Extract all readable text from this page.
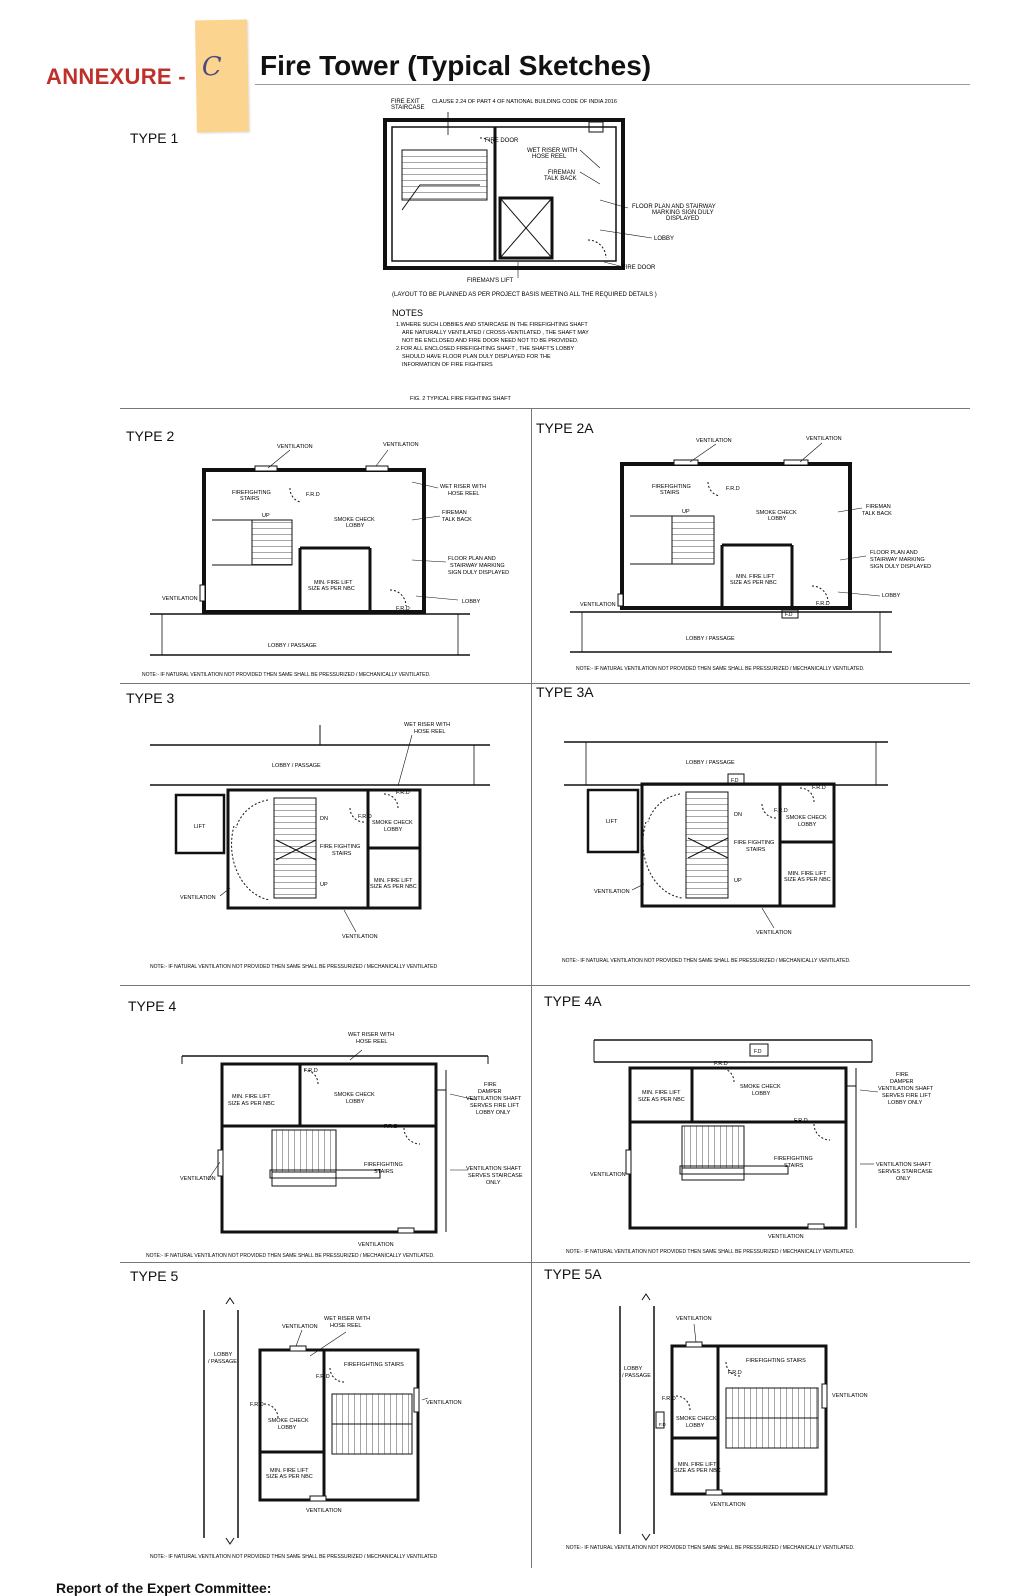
ANNEXURE - C Fire Tower (Typical Sketches)
TYPE 1
TYPE 2	TYPE 2A
TYPE 3	TYPE 3A
TYPE 4	TYPE 4A
TYPE 5	TYPE 5A
FIRE EXIT STAIRCASE
CLAUSE 2.24 OF PART 4 OF NATIONAL BUILDING CODE OF INDIA 2016
FIRE DOOR
WET RISER WITH HOSE REEL
FIREMAN TALK BACK
FLOOR PLAN AND STAIRWAY MARKING SIGN DULY DISPLAYED
LOBBY
FIRE DOOR
FIREMAN'S LIFT
(LAYOUT TO BE PLANNED AS PER PROJECT BASIS MEETING ALL THE REQUIRED DETAILS )
NOTES
1.WHERE SUCH LOBBIES AND STAIRCASE IN THE FIREFIGHTING SHAFT
ARE NATURALLY VENTILATED / CROSS-VENTILATED , THE SHAFT MAY
NOT BE ENCLOSED AND FIRE DOOR NEED NOT TO BE PROVIDED.
2.FOR ALL ENCLOSED FIREFIGHTING SHAFT , THE SHAFT'S LOBBY
SHOULD HAVE FLOOR PLAN DULY DISPLAYED FOR THE
INFORMATION OF FIRE FIGHTERS
FIG. 2 TYPICAL FIRE FIGHTING SHAFT
VENTILATION	VENTILATION
FIREFIGHTING STAIRS
F.R.D
UP
SMOKE CHECK LOBBY
WET RISER WITH HOSE REEL
FIREMAN TALK BACK
FLOOR PLAN AND STAIRWAY MARKING SIGN DULY DISPLAYED
MIN. FIRE LIFT SIZE AS PER NBC
VENTILATION
F.R.D
LOBBY
LOBBY / PASSAGE
NOTE:- IF NATURAL VENTILATION NOT PROVIDED THEN SAME SHALL BE PRESSURIZED / MECHANICALLY VENTILATED.
VENTILATION	VENTILATION
FIREFIGHTING STAIRS
F.R.D
UP	SMOKE CHECK LOBBY
FIREMAN TALK BACK
FLOOR PLAN AND STAIRWAY MARKING SIGN DULY DISPLAYED
MIN. FIRE LIFT SIZE AS PER NBC
VENTILATION
F.D
F.R.D
LOBBY
LOBBY / PASSAGE
NOTE:- IF NATURAL VENTILATION NOT PROVIDED THEN SAME SHALL BE PRESSURIZED / MECHANICALLY VENTILATED.
WET RISER WITH HOSE REEL
LOBBY / PASSAGE
F.R.D
F.R.D
LIFT
DN
SMOKE CHECK LOBBY
FIRE FIGHTING STAIRS
MIN. FIRE LIFT SIZE AS PER NBC
UP
VENTILATION
VENTILATION
NOTE:- IF NATURAL VENTILATION NOT PROVIDED THEN SAME SHALL BE PRESSURIZED / MECHANICALLY VENTILATED
LOBBY / PASSAGE
F.D
F.R.D
F.R.D
LIFT
DN	SMOKE CHECK LOBBY
FIRE FIGHTING STAIRS
MIN. FIRE LIFT SIZE AS PER NBC
UP
VENTILATION
VENTILATION
NOTE:- IF NATURAL VENTILATION NOT PROVIDED THEN SAME SHALL BE PRESSURIZED / MECHANICALLY VENTILATED.
WET RISER WITH HOSE REEL
F.R.D
MIN. FIRE LIFT SIZE AS PER NBC
SMOKE CHECK LOBBY
FIRE DAMPER VENTILATION SHAFT SERVES FIRE LIFT LOBBY ONLY
F.R.D
FIREFIGHTING STAIRS
VENTILATION
VENTILATION SHAFT SERVES STAIRCASE ONLY
VENTILATION
NOTE:- IF NATURAL VENTILATION NOT PROVIDED THEN SAME SHALL BE PRESSURIZED / MECHANICALLY VENTILATED.
F.D
F.R.D
MIN. FIRE LIFT SIZE AS PER NBC
SMOKE CHECK LOBBY
FIRE DAMPER VENTILATION SHAFT SERVES FIRE LIFT LOBBY ONLY
F.R.D
FIREFIGHTING STAIRS
VENTILATION
VENTILATION SHAFT SERVES STAIRCASE ONLY
VENTILATION
NOTE:- IF NATURAL VENTILATION NOT PROVIDED THEN SAME SHALL BE PRESSURIZED / MECHANICALLY VENTILATED.
LOBBY / PASSAGE
VENTILATION
WET RISER WITH HOSE REEL
FIREFIGHTING STAIRS
F.R.D
F.R.D	VENTILATION
SMOKE CHECK LOBBY
MIN. FIRE LIFT SIZE AS PER NBC
VENTILATION
NOTE:- IF NATURAL VENTILATION NOT PROVIDED THEN SAME SHALL BE PRESSURIZED / MECHANICALLY VENTILATED
VENTILATION
FIREFIGHTING STAIRS
LOBBY / PASSAGE	F.R.D
F.R.D	VENTILATION
F.D
SMOKE CHECK LOBBY
MIN. FIRE LIFT SIZE AS PER NBC
VENTILATION
NOTE:- IF NATURAL VENTILATION NOT PROVIDED THEN SAME SHALL BE PRESSURIZED / MECHANICALLY VENTILATED.
Report of the Expert Committee:
